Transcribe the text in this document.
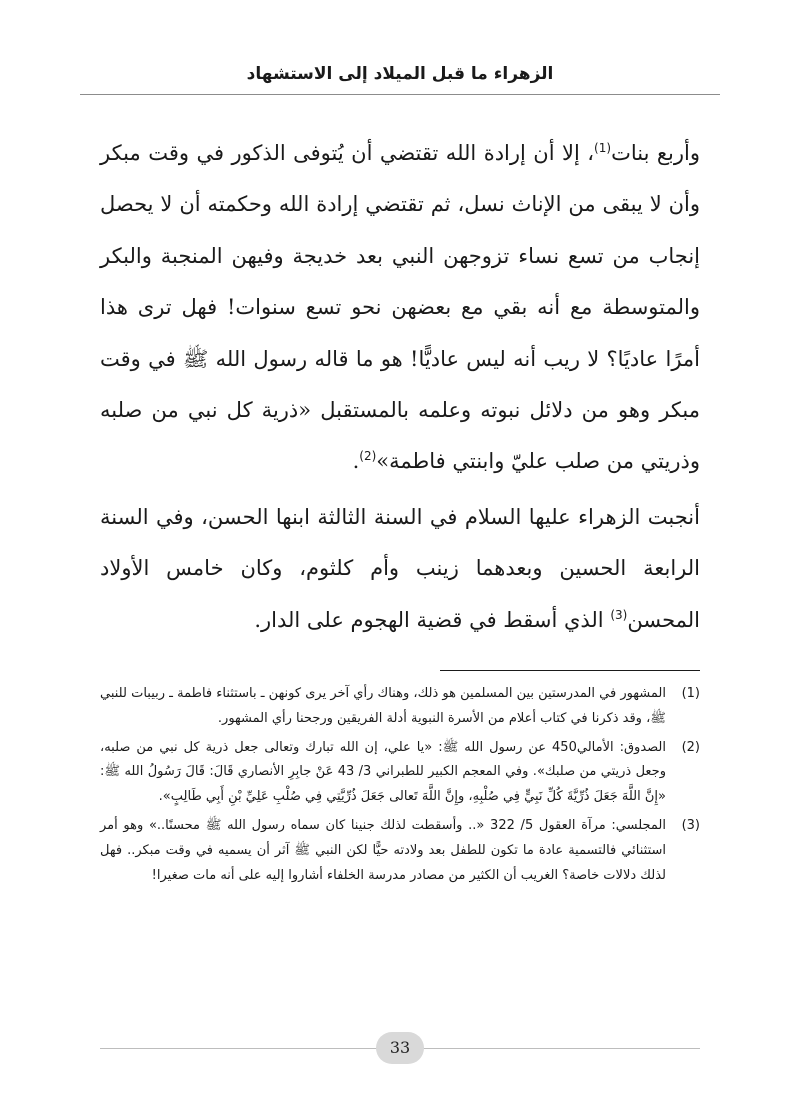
الزهراء ما قبل الميلاد إلى الاستشهاد

وأربع بنات$^{(1)}$، إلا أن إرادة الله تقتضي أن يُتوفى الذكور في وقت مبكر وأن لا يبقى من الإناث نسل، ثم تقتضي إرادة الله وحكمته أن لا يحصل إنجاب من تسع نساء تزوجهن النبي بعد خديجة وفيهن المنجبة والبكر والمتوسطة مع أنه بقي مع بعضهن نحو تسع سنوات! فهل ترى هذا أمرًا عاديًا؟ لا ريب أنه ليس عاديًّا! هو ما قاله رسول الله ﷺ في وقت مبكر وهو من دلائل نبوته وعلمه بالمستقبل «ذرية كل نبي من صلبه وذريتي من صلب عليّ وابنتي فاطمة»$^{(2)}$.

أنجبت الزهراء عليها السلام في السنة الثالثة ابنها الحسن، وفي السنة الرابعة الحسين وبعدهما زينب وأم كلثوم، وكان خامس الأولاد المحسن$^{(3)}$ الذي أسقط في قضية الهجوم على الدار.

(1)
المشهور في المدرستين بين المسلمين هو ذلك، وهناك رأي آخر يرى كونهن ـ باستثناء فاطمة ـ ربيبات للنبي ﷺ، وقد ذكرنا في كتاب أعلام من الأسرة النبوية أدلة الفريقين ورجحنا رأي المشهور.
(2)
الصدوق: الأمالي450 عن رسول الله ﷺ: «يا علي، إن الله تبارك وتعالى جعل ذرية كل نبي من صلبه، وجعل ذريتي من صلبك». وفي المعجم الكبير للطبراني 3/ 43 عَنْ جابِرِ الأنصاري قَالَ: قَالَ رَسُولُ الله ﷺ: «إِنَّ اللَّهَ جَعَلَ ذُرِّيَّةَ كُلِّ نَبِيٍّ فِي صُلْبِهِ، وإِنَّ اللَّهَ تَعالى جَعَلَ ذُرِّيَّتِي فِي صُلْبِ عَلِيِّ بْنِ أَبِي طَالِبٍ».
(3)
المجلسي: مرآة العقول 5/ 322 «.. وأسقطت لذلك جنينا كان سماه رسول الله ﷺ محسنًا..» وهو أمر استثنائي فالتسمية عادة ما تكون للطفل بعد ولادته حيًّا لكن النبي ﷺ آثر أن يسميه في وقت مبكر.. فهل لذلك دلالات خاصة؟ الغريب أن الكثير من مصادر مدرسة الخلفاء أشاروا إليه على أنه مات صغيرا!
33
